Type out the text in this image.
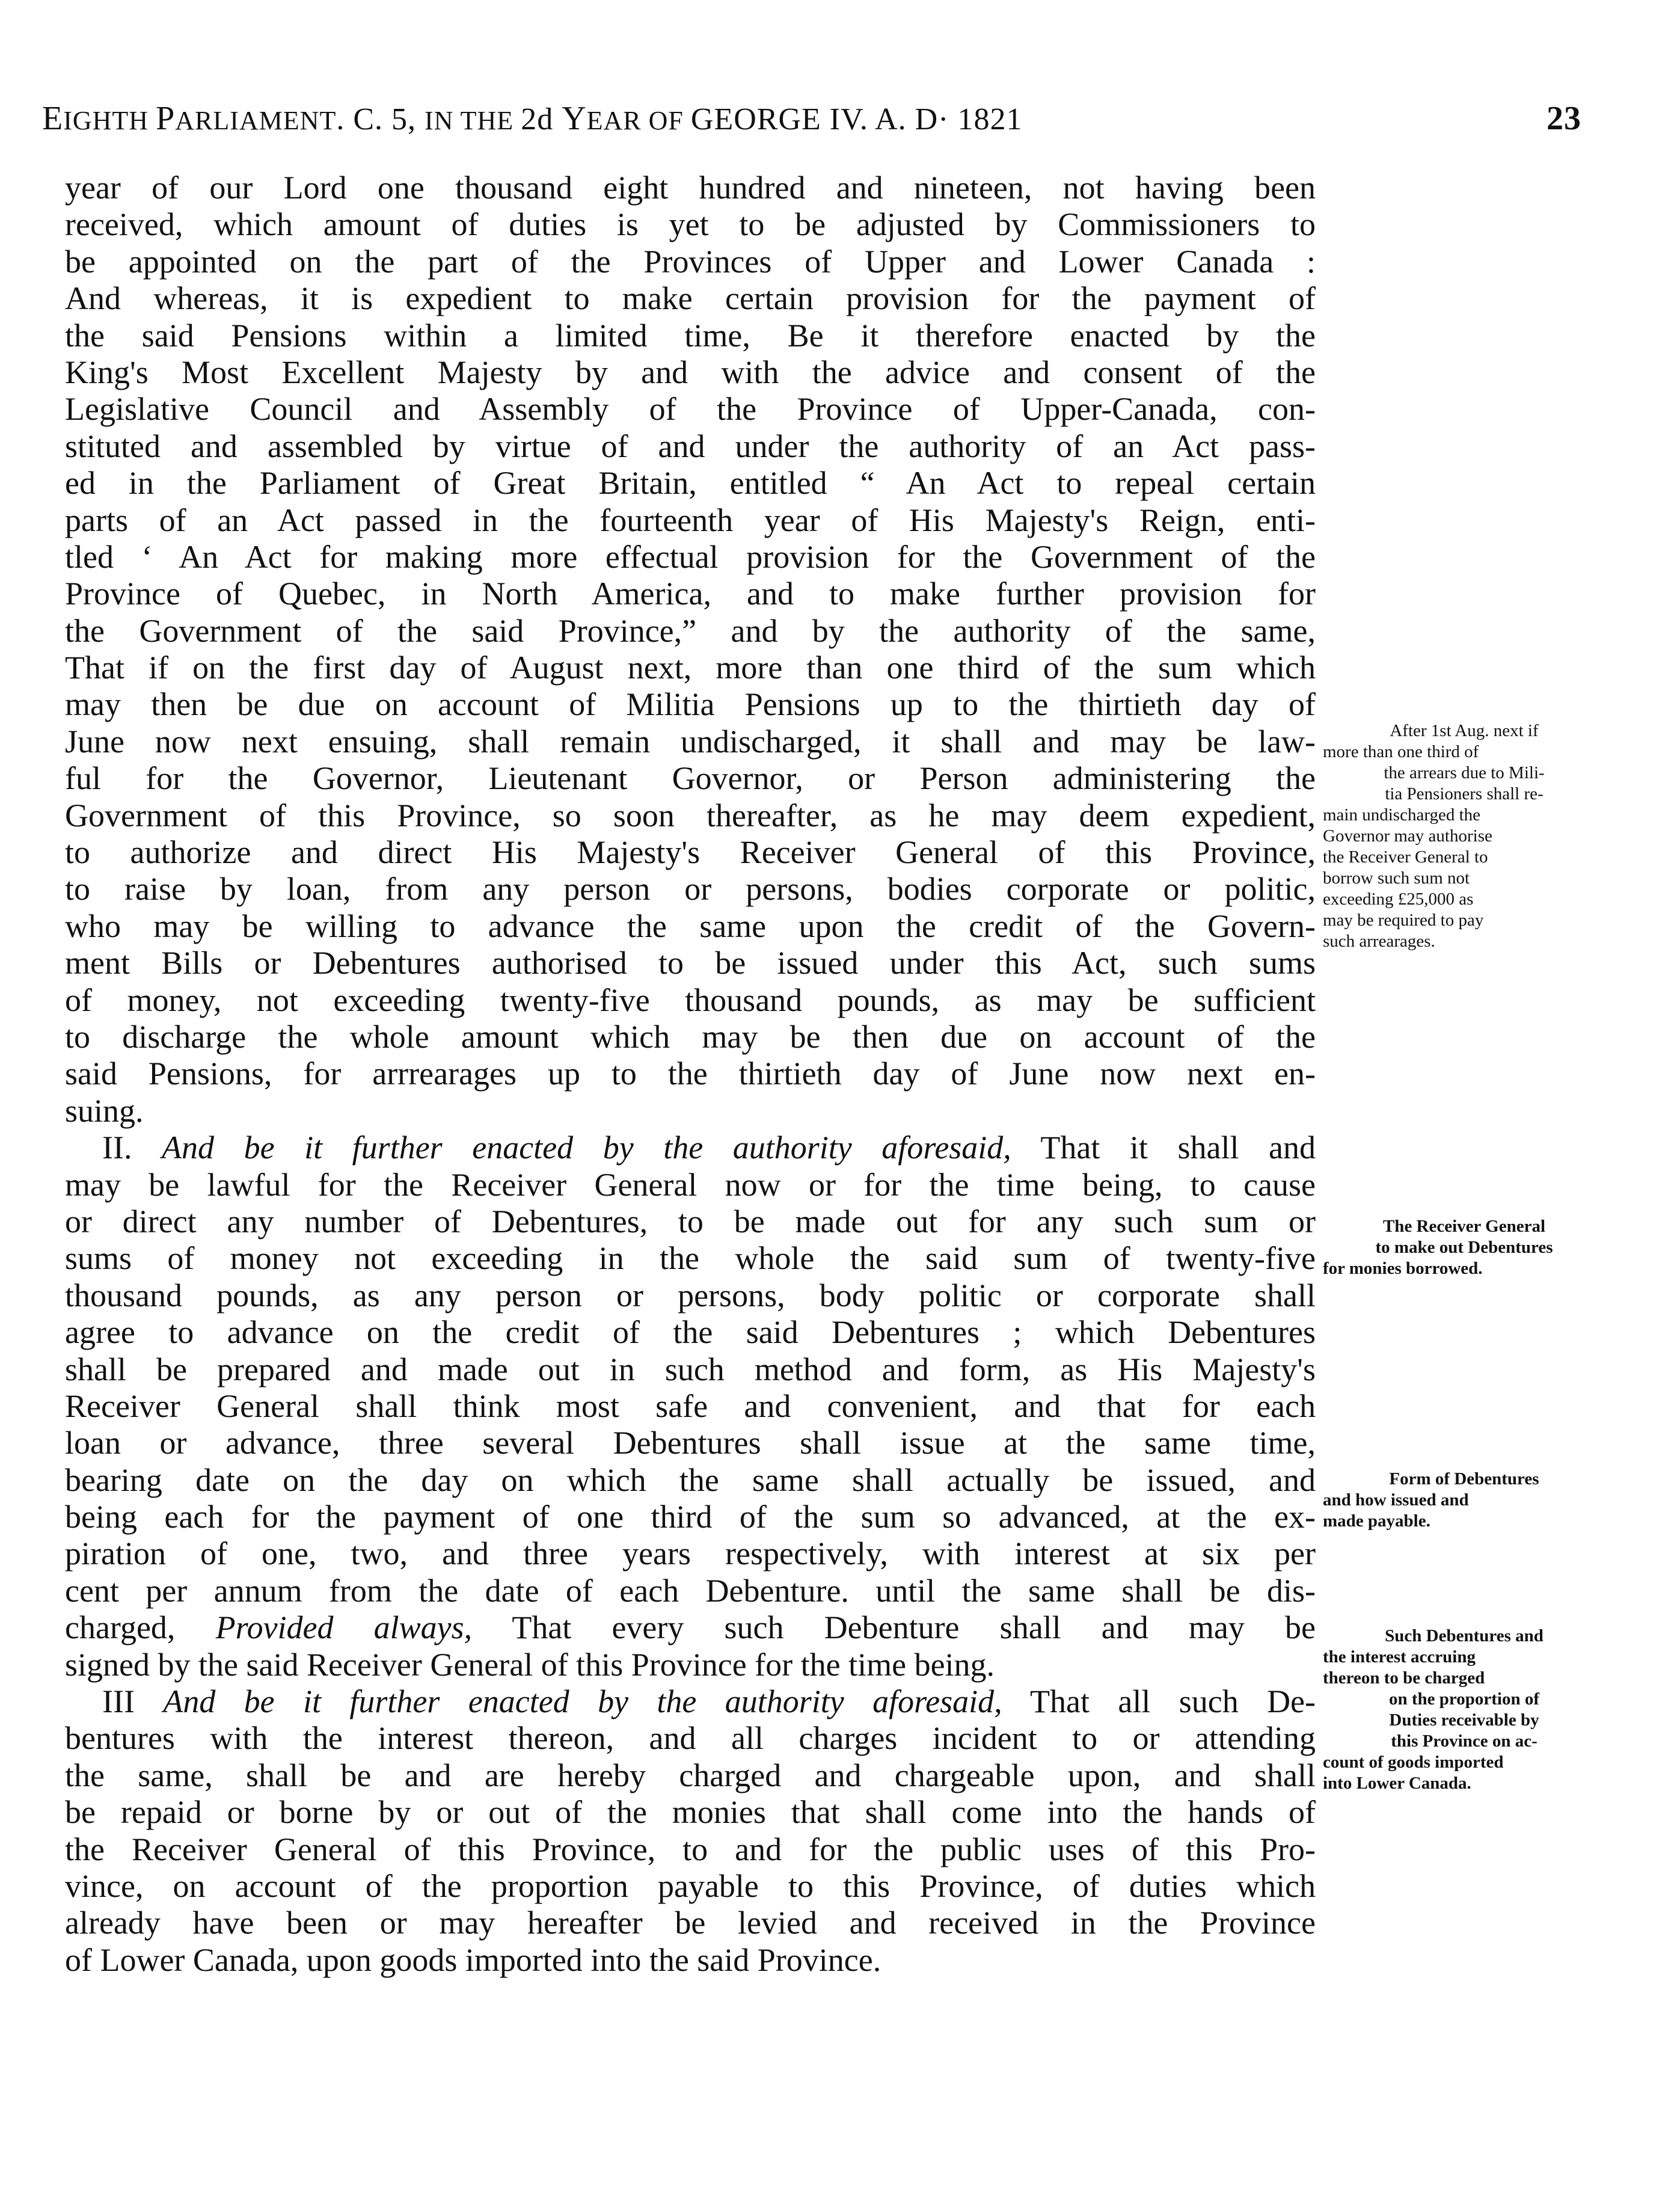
EIGHTH PARLIAMENT. C. 5, IN THE 2d YEAR OF GEORGE IV. A. D· 1821	23
year of our Lord one thousand eight hundred and nineteen, not having been
received, which amount of duties is yet to be adjusted by Commissioners to
be appointed on the part of the Provinces of Upper and Lower Canada :
And whereas, it is expedient to make certain provision for the payment of
the said Pensions within a limited time, Be it therefore enacted by the
King's Most Excellent Majesty by and with the advice and consent of the
Legislative Council and Assembly of the Province of Upper-Canada, con-
stituted and assembled by virtue of and under the authority of an Act pass-
ed in the Parliament of Great Britain, entitled “ An Act to repeal certain
parts of an Act passed in the fourteenth year of His Majesty's Reign, enti-
tled ‘ An Act for making more effectual provision for the Government of the
Province of Quebec, in North America, and to make further provision for
the Government of the said Province,” and by the authority of the same,
That if on the first day of August next, more than one third of the sum which
may then be due on account of Militia Pensions up to the thirtieth day of
June now next ensuing, shall remain undischarged, it shall and may be law-
ful for the Governor, Lieutenant Governor, or Person administering the
Government of this Province, so soon thereafter, as he may deem expedient,
to authorize and direct His Majesty's Receiver General of this Province,
to raise by loan, from any person or persons, bodies corporate or politic,
who may be willing to advance the same upon the credit of the Govern-
ment Bills or Debentures authorised to be issued under this Act, such sums
of money, not exceeding twenty-five thousand pounds, as may be sufficient
to discharge the whole amount which may be then due on account of the
said Pensions, for arrrearages up to the thirtieth day of June now next en-
suing.
II. And be it further enacted by the authority aforesaid, That it shall and
may be lawful for the Receiver General now or for the time being, to cause
or direct any number of Debentures, to be made out for any such sum or
sums of money not exceeding in the whole the said sum of twenty-five
thousand pounds, as any person or persons, body politic or corporate shall
agree to advance on the credit of the said Debentures ; which Debentures
shall be prepared and made out in such method and form, as His Majesty's
Receiver General shall think most safe and convenient, and that for each
loan or advance, three several Debentures shall issue at the same time,
bearing date on the day on which the same shall actually be issued, and
being each for the payment of one third of the sum so advanced, at the ex-
piration of one, two, and three years respectively, with interest at six per
cent per annum from the date of each Debenture. until the same shall be dis-
charged, Provided always, That every such Debenture shall and may be
signed by the said Receiver General of this Province for the time being.
III And be it further enacted by the authority aforesaid, That all such De-
bentures with the interest thereon, and all charges incident to or attending
the same, shall be and are hereby charged and chargeable upon, and shall
be repaid or borne by or out of the monies that shall come into the hands of
the Receiver General of this Province, to and for the public uses of this Pro-
vince, on account of the proportion payable to this Province, of duties which
already have been or may hereafter be levied and received in the Province
of Lower Canada, upon goods imported into the said Province.
After 1st Aug. next if
more than one third of
the arrears due to Mili-
tia Pensioners shall re-
main undischarged the
Governor may authorise
the Receiver General to
borrow such sum not
exceeding £25,000 as
may be required to pay
such arrearages.
The Receiver General
to make out Debentures
for monies borrowed.
Form of Debentures
and how issued and
made payable.
Such Debentures and
the interest accruing
thereon to be charged
on the proportion of
Duties receivable by
this Province on ac-
count of goods imported
into Lower Canada.
